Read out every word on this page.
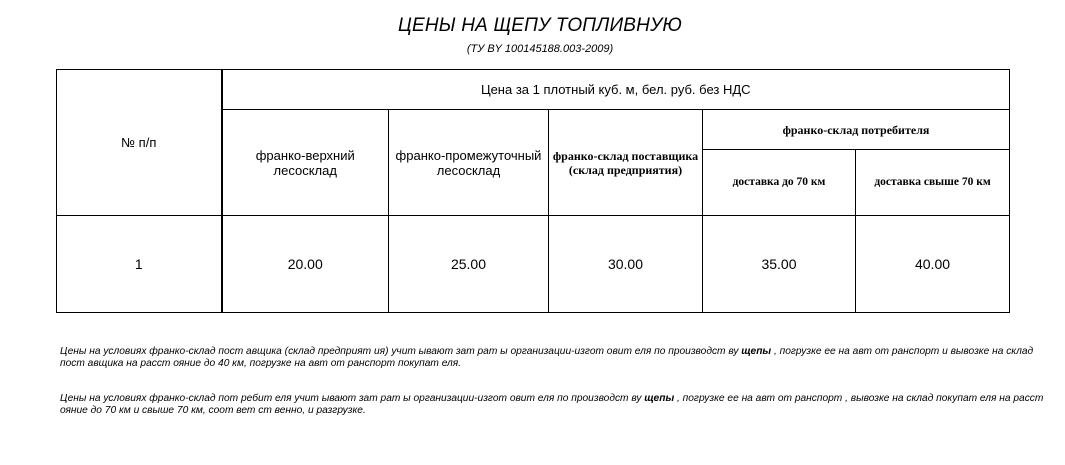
ЦЕНЫ НА ЩЕПУ ТОПЛИВНУЮ
(ТУ BY 100145188.003-2009)
№ п/п	Цена за 1 плотный куб. м, бел. руб. без НДС				
	франко-верхний лесосклад	франко-промежуточный лесосклад	франко-склад поставщика (склад предприятия)	франко-склад потребителя	
				доставка до 70 км	доставка свыше 70 км
1	20.00	25.00	30.00	35.00	40.00
Цены на условиях франко-склад пост авщика (склад предприят ия) учит ывают зат рат ы организации-изгот овит еля по производст ву щепы , погрузке ее на авт от ранспорт и вывозке на склад пост авщика на расст ояние до 40 км, погрузке на авт от ранспорт покупат еля.
Цены на условиях франко-склад пот ребит еля учит ывают зат рат ы организации-изгот овит еля по производст ву щепы , погрузке ее на авт от ранспорт , вывозке на склад покупат еля на расст ояние до 70 км и свыше 70 км, соот вет ст венно, и разгрузке.
